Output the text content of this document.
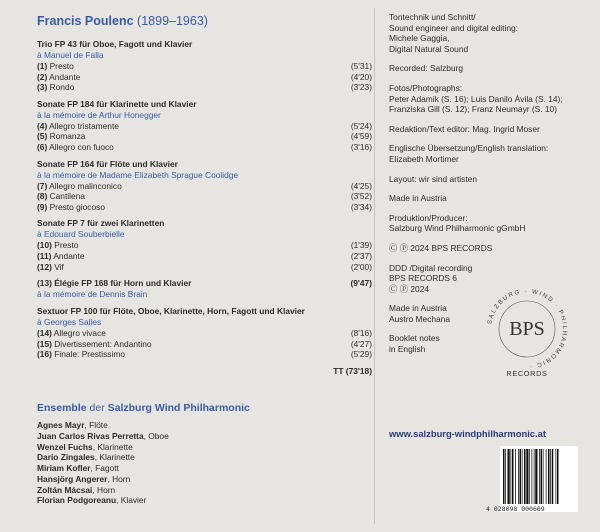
Francis Poulenc (1899–1963)
Trio FP 43 für Oboe, Fagott und Klavier
à Manuel de Falla
(1) Presto	(5'31)
(2) Andante	(4'20)
(3) Rondo	(3'23)
Sonate FP 184 für Klarinette und Klavier
à la mémoire de Arthur Honegger
(4) Allegro tristamente	(5'24)
(5) Romanza	(4'59)
(6) Allegro con fuoco	(3'16)
Sonate FP 164 für Flöte und Klavier
à la mémoire de Madame Elizabeth Sprague Coolidge
(7) Allegro malinconico	(4'25)
(8) Cantilena	(3'52)
(9) Presto giocoso	(3'34)
Sonate FP 7 für zwei Klarinetten
à Edouard Souberbielle
(10) Presto	(1'39)
(11) Andante	(2'37)
(12) Vif	(2'00)
(13) Élégie FP 168 für Horn und Klavier	(9'47)
à la mémoire de Dennis Brain
Sextuor FP 100 für Flöte, Oboe, Klarinette, Horn, Fagott und Klavier
à Georges Salles
(14) Allegro vivace	(8'16)
(15) Divertissement: Andantino	(4'27)
(16) Finale: Prestissimo	(5'29)
TT (73'18)
Ensemble der Salzburg Wind Philharmonic
Agnes Mayr, Flöte
Juan Carlos Rivas Perretta, Oboe
Wenzel Fuchs, Klarinette
Dario Zingales, Klarinette
Miriam Kofler, Fagott
Hansjörg Angerer, Horn
Zoltán Mácsai, Horn
Florian Podgoreanu, Klavier
Tontechnik und Schnitt/
Sound engineer and digital editing:
Michele Gaggia,
Digital Natural Sound
Recorded: Salzburg
Fotos/Photographs:
Peter Adamik (S. 16); Luis Danilo Ávila (S. 14);
Franziska Gill (S. 12); Franz Neumayr (S. 10)
Redaktion/Text editor: Mag. Ingrid Moser
Englische Übersetzung/English translation:
Elizabeth Mortimer
Layout: wir sind artisten
Made in Austria
Produktion/Producer:
Salzburg Wind Philharmonic gGmbH
Ⓒ Ⓟ 2024 BPS RECORDS
DDD /Digital recording
BPS RECORDS 6
Ⓒ Ⓟ 2024
Made in Austria
Austro Mechana
Booklet notes
in English
SALZBURG · WIND · PHILHARMONIC ·
BPS
RECORDS
www.salzburg-windphilharmonic.at
4 028098 000609
